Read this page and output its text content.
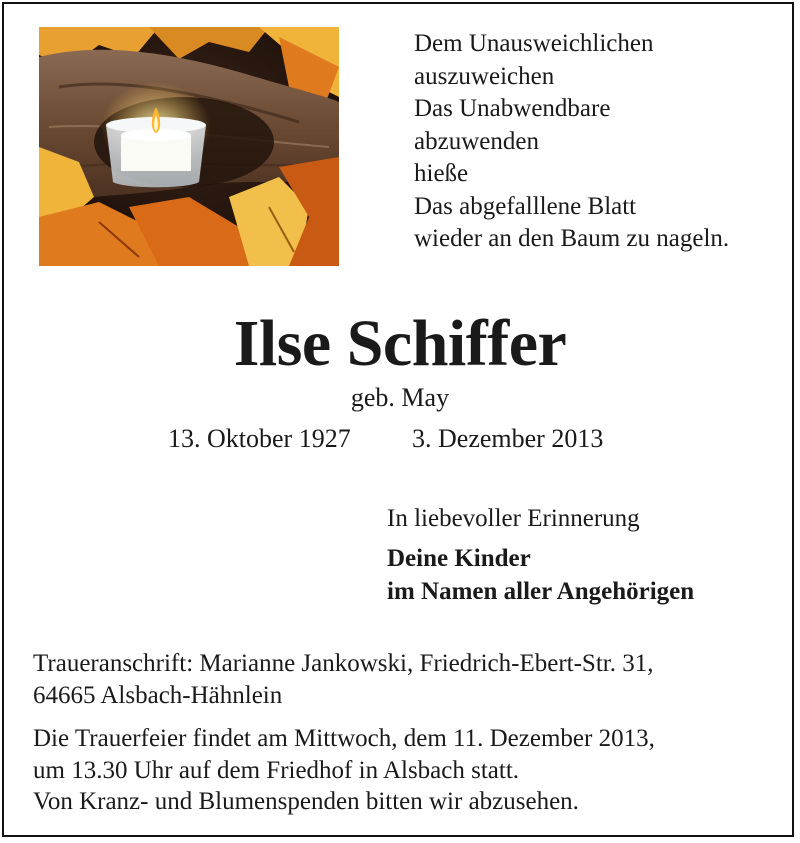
Dem Unausweichlichen
auszuweichen
Das Unabwendbare
abzuwenden
hieße
Das abgefalllene Blatt
wieder an den Baum zu nageln.
Ilse Schiffer
geb. May
13. Oktober 1927 3. Dezember 2013
In liebevoller Erinnerung
Deine Kinder
im Namen aller Angehörigen
Traueranschrift: Marianne Jankowski, Friedrich-Ebert-Str. 31,
64665 Alsbach-Hähnlein
Die Trauerfeier findet am Mittwoch, dem 11. Dezember 2013,
um 13.30 Uhr auf dem Friedhof in Alsbach statt.
Von Kranz- und Blumenspenden bitten wir abzusehen.
